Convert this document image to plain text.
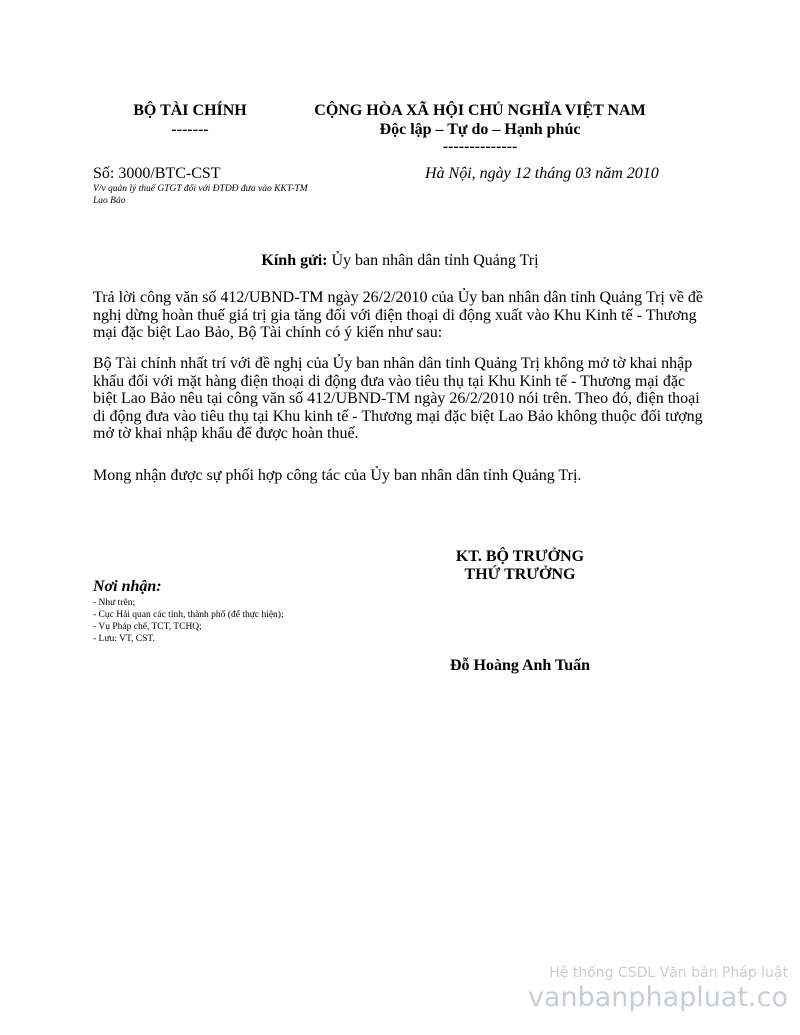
BỘ TÀI CHÍNH
-------
CỘNG HÒA XÃ HỘI CHỦ NGHĨA VIỆT NAM
Độc lập – Tự do – Hạnh phúc
--------------
Số: 3000/BTC-CST
V/v quản lý thuế GTGT đối với ĐTDĐ đưa vào KKT-TM Lao Bảo
Hà Nội, ngày 12 tháng 03 năm 2010
Kính gửi: Ủy ban nhân dân tỉnh Quảng Trị
Trả lời công văn số 412/UBND-TM ngày 26/2/2010 của Ủy ban nhân dân tỉnh Quảng Trị về đề nghị dừng hoàn thuế giá trị gia tăng đối với điện thoại di động xuất vào Khu Kinh tế - Thương mại đặc biệt Lao Bảo, Bộ Tài chính có ý kiến như sau:
Bộ Tài chính nhất trí với đề nghị của Ủy ban nhân dân tỉnh Quảng Trị không mở tờ khai nhập khẩu đối với mặt hàng điện thoại di động đưa vào tiêu thụ tại Khu Kinh tế - Thương mại đặc biệt Lao Bảo nêu tại công văn số 412/UBND-TM ngày 26/2/2010 nói trên. Theo đó, điện thoại di động đưa vào tiêu thụ tại Khu kinh tế - Thương mại đặc biệt Lao Bảo không thuộc đối tượng mở tờ khai nhập khẩu để được hoàn thuế.
Mong nhận được sự phối hợp công tác của Ủy ban nhân dân tỉnh Quảng Trị.
KT. BỘ TRƯỞNG
THỨ TRƯỞNG
Đỗ Hoàng Anh Tuấn
Nơi nhận:
- Như trên;
- Cục Hải quan các tỉnh, thành phố (để thực hiện);
- Vụ Pháp chế, TCT, TCHQ;
- Lưu: VT, CST.
Hệ thống CSDL Văn bản Pháp luật
vanbanphapluat.co
